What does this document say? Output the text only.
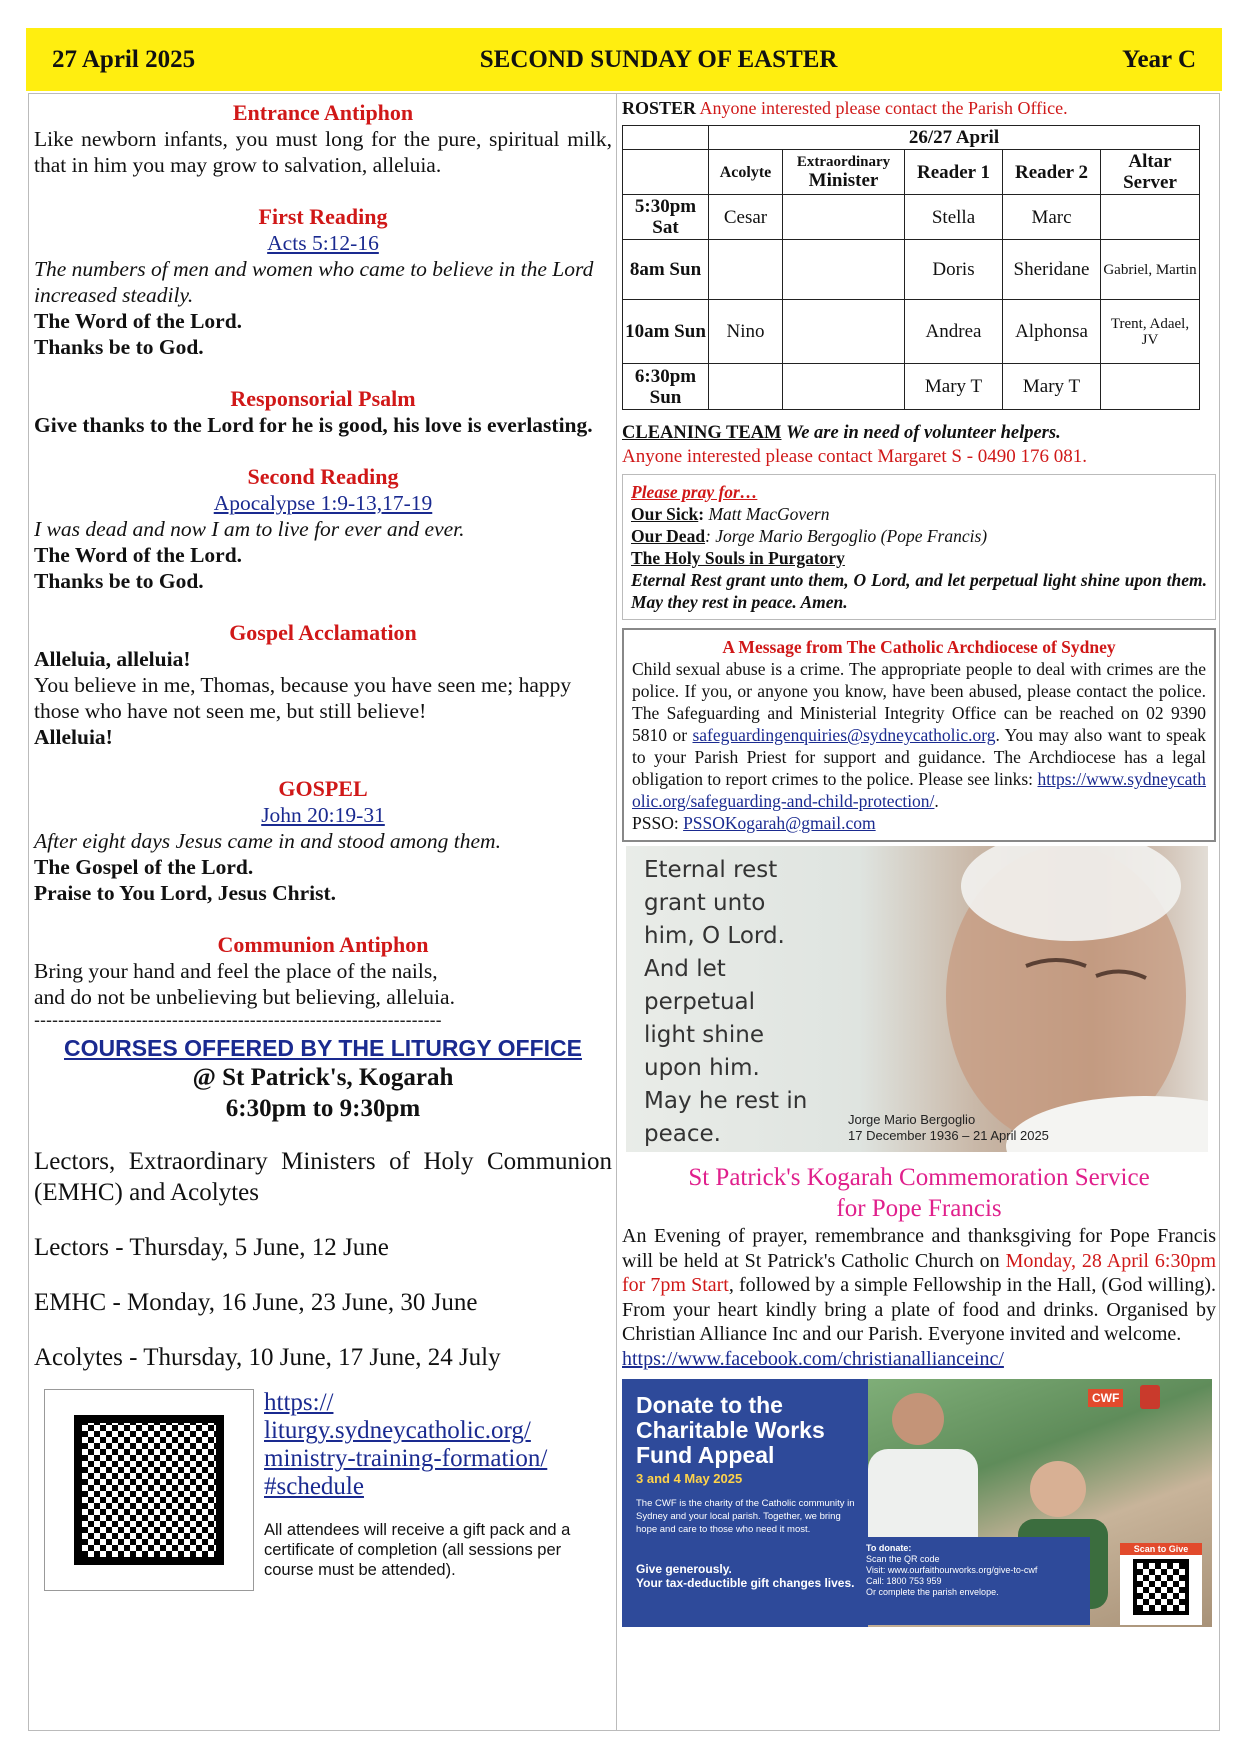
27 April 2025	SECOND SUNDAY OF EASTER	Year C
Entrance Antiphon
Like newborn infants, you must long for the pure, spiritual milk, that in him you may grow to salvation, alleluia.
First Reading
Acts 5:12-16
The numbers of men and women who came to believe in the Lord increased steadily.
The Word of the Lord.
Thanks be to God.
Responsorial Psalm
Give thanks to the Lord for he is good, his love is everlasting.
Second Reading
Apocalypse 1:9-13,17-19
I was dead and now I am to live for ever and ever.
The Word of the Lord.
Thanks be to God.
Gospel Acclamation
Alleluia, alleluia!
You believe in me, Thomas, because you have seen me; happy those who have not seen me, but still believe!
Alleluia!
GOSPEL
John 20:19-31
After eight days Jesus came in and stood among them.
The Gospel of the Lord.
Praise to You Lord, Jesus Christ.
Communion Antiphon
Bring your hand and feel the place of the nails,
and do not be unbelieving but believing, alleluia.
--------------------------------------------------------------------
COURSES OFFERED BY THE LITURGY OFFICE
@ St Patrick's, Kogarah
6:30pm to 9:30pm
Lectors, Extraordinary Ministers of Holy Communion (EMHC) and Acolytes
Lectors - Thursday, 5 June, 12 June
EMHC - Monday, 16 June, 23 June, 30 June
Acolytes - Thursday, 10 June, 17 June, 24 July
https://
liturgy.sydneycatholic.org/
ministry-training-formation/
#schedule
All attendees will receive a gift pack and a certificate of completion (all sessions per course must be attended).
ROSTER Anyone interested please contact the Parish Office.
	26/27 April				
	Acolyte	Extraordinary
Minister	Reader 1	Reader 2	Altar Server
5:30pm Sat	Cesar		Stella	Marc	
8am Sun			Doris	Sheridane	Gabriel, Martin
10am Sun	Nino		Andrea	Alphonsa	Trent, Adael, JV
6:30pm Sun			Mary T	Mary T	
CLEANING TEAM We are in need of volunteer helpers.
Anyone interested please contact Margaret S - 0490 176 081.
Please pray for…
Our Sick: Matt MacGovern
Our Dead: Jorge Mario Bergoglio (Pope Francis)
The Holy Souls in Purgatory
Eternal Rest grant unto them, O Lord, and let perpetual light shine upon them. May they rest in peace. Amen.
A Message from The Catholic Archdiocese of Sydney
Child sexual abuse is a crime. The appropriate people to deal with crimes are the police. If you, or anyone you know, have been abused, please contact the police. The Safeguarding and Ministerial Integrity Office can be reached on 02 9390 5810 or safeguardingenquiries@sydneycatholic.org. You may also want to speak to your Parish Priest for support and guidance. The Archdiocese has a legal obligation to report crimes to the police. Please see links: https://www.sydneycatholic.org/safeguarding-and-child-protection/.
PSSO: PSSOKogarah@gmail.com
Eternal rest
grant unto
him, O Lord.
And let
perpetual
light shine
upon him.
May he rest in
peace.
Jorge Mario Bergoglio
17 December 1936 – 21 April 2025
St Patrick's Kogarah Commemoration Service
for Pope Francis
An Evening of prayer, remembrance and thanksgiving for Pope Francis will be held at St Patrick's Catholic Church on Monday, 28 April 6:30pm for 7pm Start, followed by a simple Fellowship in the Hall, (God willing). From your heart kindly bring a plate of food and drinks. Organised by Christian Alliance Inc and our Parish. Everyone invited and welcome.
https://www.facebook.com/christianallianceinc/
Donate to the
Charitable Works
Fund Appeal
3 and 4 May 2025
The CWF is the charity of the Catholic community in Sydney and your local parish. Together, we bring hope and care to those who need it most.
Give generously.
Your tax-deductible gift changes lives.
CWF
To donate:
Scan the QR code
Visit: www.ourfaithourworks.org/give-to-cwf
Call: 1800 753 959
Or complete the parish envelope.
Scan to Give
